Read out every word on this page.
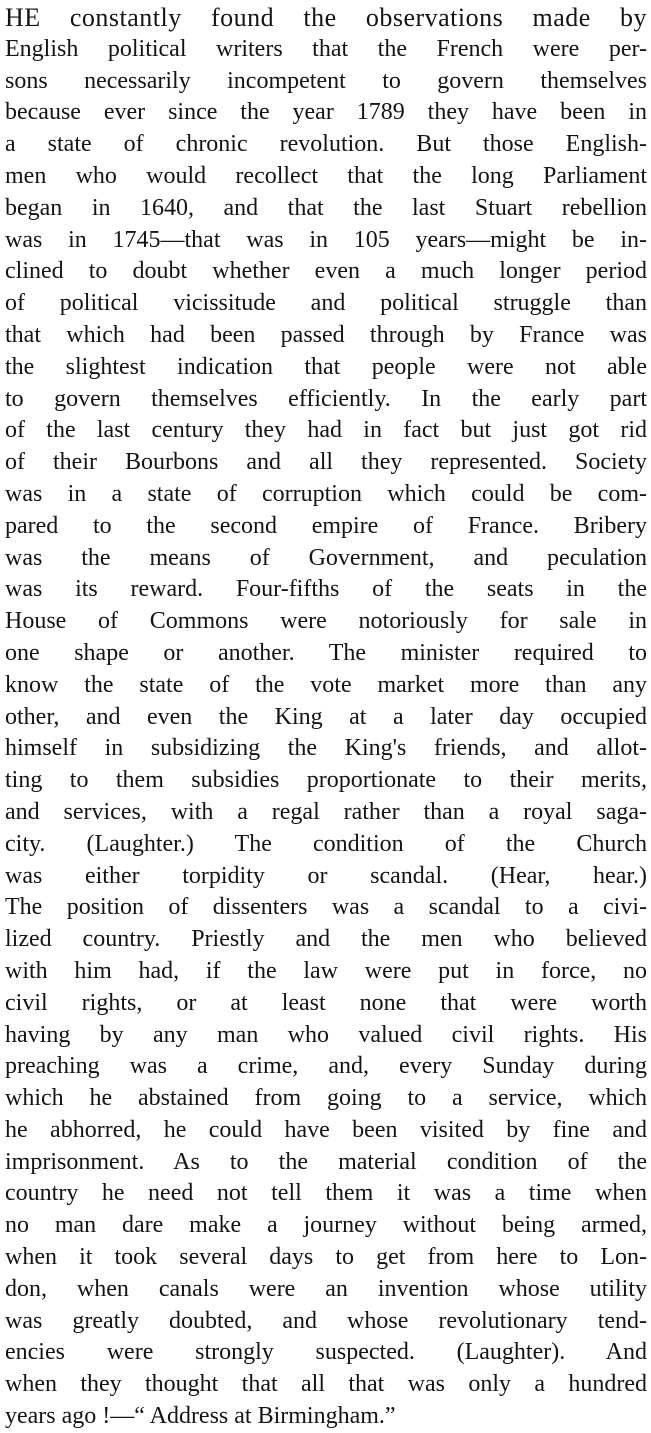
HE constantly found the observations made by
English political writers that the French were per-
sons necessarily incompetent to govern themselves
because ever since the year 1789 they have been in
a state of chronic revolution. But those English-
men who would recollect that the long Parliament
began in 1640, and that the last Stuart rebellion
was in 1745—that was in 105 years—might be in-
clined to doubt whether even a much longer period
of political vicissitude and political struggle than
that which had been passed through by France was
the slightest indication that people were not able
to govern themselves efficiently. In the early part
of the last century they had in fact but just got rid
of their Bourbons and all they represented. Society
was in a state of corruption which could be com-
pared to the second empire of France. Bribery
was the means of Government, and peculation
was its reward. Four-fifths of the seats in the
House of Commons were notoriously for sale in
one shape or another. The minister required to
know the state of the vote market more than any
other, and even the King at a later day occupied
himself in subsidizing the King's friends, and allot-
ting to them subsidies proportionate to their merits,
and services, with a regal rather than a royal saga-
city. (Laughter.) The condition of the Church
was either torpidity or scandal. (Hear, hear.)
The position of dissenters was a scandal to a civi-
lized country. Priestly and the men who believed
with him had, if the law were put in force, no
civil rights, or at least none that were worth
having by any man who valued civil rights. His
preaching was a crime, and, every Sunday during
which he abstained from going to a service, which
he abhorred, he could have been visited by fine and
imprisonment. As to the material condition of the
country he need not tell them it was a time when
no man dare make a journey without being armed,
when it took several days to get from here to Lon-
don, when canals were an invention whose utility
was greatly doubted, and whose revolutionary tend-
encies were strongly suspected. (Laughter). And
when they thought that all that was only a hundred
years ago !—“ Address at Birmingham.”
